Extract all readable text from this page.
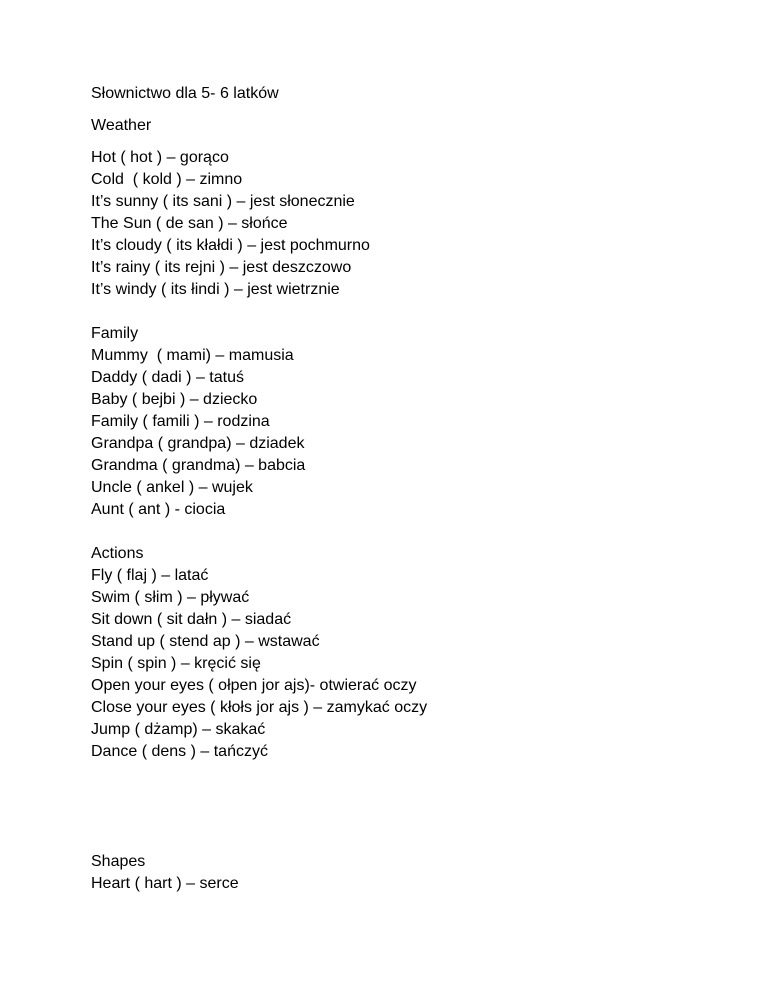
Słownictwo dla 5- 6 latków

Weather

Hot ( hot ) – gorąco

Cold  ( kold ) – zimno

It’s sunny ( its sani ) – jest słonecznie

The Sun ( de san ) – słońce

It’s cloudy ( its kłałdi ) – jest pochmurno

It’s rainy ( its rejni ) – jest deszczowo

It’s windy ( its łindi ) – jest wietrznie

Family

Mummy  ( mami) – mamusia

Daddy ( dadi ) – tatuś

Baby ( bejbi ) – dziecko

Family ( famili ) – rodzina

Grandpa ( grandpa) – dziadek

Grandma ( grandma) – babcia

Uncle ( ankel ) – wujek

Aunt ( ant ) - ciocia

Actions

Fly ( flaj ) – latać

Swim ( słim ) – pływać

Sit down ( sit dałn ) – siadać

Stand up ( stend ap ) – wstawać

Spin ( spin ) – kręcić się

Open your eyes ( ołpen jor ajs)- otwierać oczy

Close your eyes ( kłołs jor ajs ) – zamykać oczy

Jump ( dżamp) – skakać

Dance ( dens ) – tańczyć

Shapes

Heart ( hart ) – serce
